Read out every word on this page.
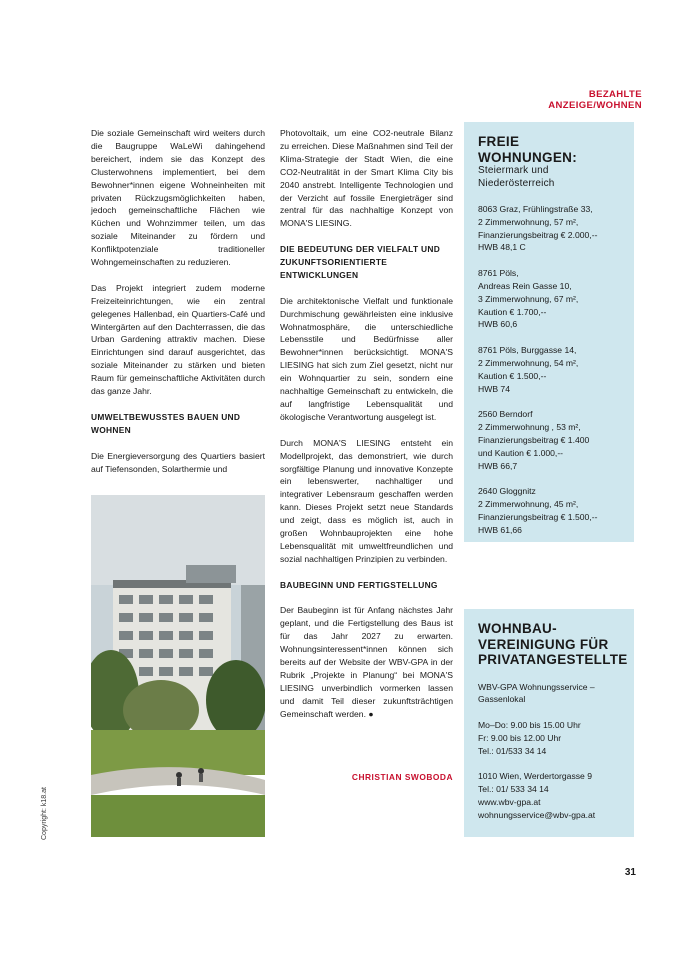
BEZAHLTE ANZEIGE/WOHNEN

Die soziale Gemeinschaft wird weiters durch die Baugruppe WaLeWi dahingehend bereichert, indem sie das Konzept des Clusterwohnens implementiert, bei dem Bewohner*innen eigene Wohneinheiten mit privaten Rückzugsmöglichkeiten haben, jedoch gemeinschaftliche Flächen wie Küchen und Wohnzimmer teilen, um das soziale Miteinander zu fördern und Konfliktpotenziale traditioneller Wohngemeinschaften zu reduzieren.

Das Projekt integriert zudem moderne Freizeiteinrichtungen, wie ein zentral gelegenes Hallenbad, ein Quartiers-Café und Wintergärten auf den Dachterrassen, die das Urban Gardening attraktiv machen. Diese Einrichtungen sind darauf ausgerichtet, das soziale Miteinander zu stärken und bieten Raum für gemeinschaftliche Aktivitäten durch das ganze Jahr.

UMWELTBEWUSSTES BAUEN UND WOHNEN

Die Energieversorgung des Quartiers basiert auf Tiefensonden, Solarthermie und

Photovoltaik, um eine CO2-neutrale Bilanz zu erreichen. Diese Maßnahmen sind Teil der Klima-Strategie der Stadt Wien, die eine CO2-Neutralität in der Smart Klima City bis 2040 anstrebt. Intelligente Technologien und der Verzicht auf fossile Energieträger sind zentral für das nachhaltige Konzept von MONA'S LIESING.

DIE BEDEUTUNG DER VIELFALT UND ZUKUNFTSORIENTIERTE ENTWICKLUNGEN

Die architektonische Vielfalt und funktionale Durchmischung gewährleisten eine inklusive Wohnatmosphäre, die unterschiedliche Lebensstile und Bedürfnisse aller Bewohner*innen berücksichtigt. MONA'S LIESING hat sich zum Ziel gesetzt, nicht nur ein Wohnquartier zu sein, sondern eine nachhaltige Gemeinschaft zu entwickeln, die auf langfristige Lebensqualität und ökologische Verantwortung ausgelegt ist.

Durch MONA'S LIESING entsteht ein Modellprojekt, das demonstriert, wie durch sorgfältige Planung und innovative Konzepte ein lebenswerter, nachhaltiger und integrativer Lebensraum geschaffen werden kann. Dieses Projekt setzt neue Standards und zeigt, dass es möglich ist, auch in großen Wohnbauprojekten eine hohe Lebensqualität mit umweltfreundlichen und sozial nachhaltigen Prinzipien zu verbinden.

BAUBEGINN UND FERTIGSTELLUNG

Der Baubeginn ist für Anfang nächstes Jahr geplant, und die Fertigstellung des Baus ist für das Jahr 2027 zu erwarten. Wohnungsinteressent*innen können sich bereits auf der Website der WBV-GPA in der Rubrik „Projekte in Planung“ bei MONA'S LIESING unverbindlich vormerken lassen und damit Teil dieser zukunftsträchtigen Gemeinschaft werden. ●

CHRISTIAN SWOBODA
FREIE
WOHNUNGEN:
Steiermark und
Niederösterreich
8063 Graz, Frühlingstraße 33,
2 Zimmerwohnung, 57 m²,
Finanzierungsbeitrag € 2.000,--
HWB 48,1 C
8761 Pöls,
Andreas Rein Gasse 10,
3 Zimmerwohnung, 67 m²,
Kaution € 1.700,--
HWB 60,6
8761 Pöls, Burggasse 14,
2 Zimmerwohnung, 54 m²,
Kaution € 1.500,--
HWB 74
2560 Berndorf
2 Zimmerwohnung , 53 m²,
Finanzierungsbeitrag € 1.400
und Kaution € 1.000,--
HWB 66,7
2640 Gloggnitz
2 Zimmerwohnung, 45 m²,
Finanzierungsbeitrag € 1.500,--
HWB 61,66
WOHNBAU-
VEREINIGUNG FÜR
PRIVATANGESTELLTE
WBV-GPA Wohnungsservice –
Gassenlokal
Mo–Do: 9.00 bis 15.00 Uhr
Fr: 9.00 bis 12.00 Uhr
Tel.: 01/533 34 14
1010 Wien, Werdertorgasse 9
Tel.: 01/ 533 34 14
www.wbv-gpa.at
wohnungsservice@wbv-gpa.at
Copyright: k18.at
31
